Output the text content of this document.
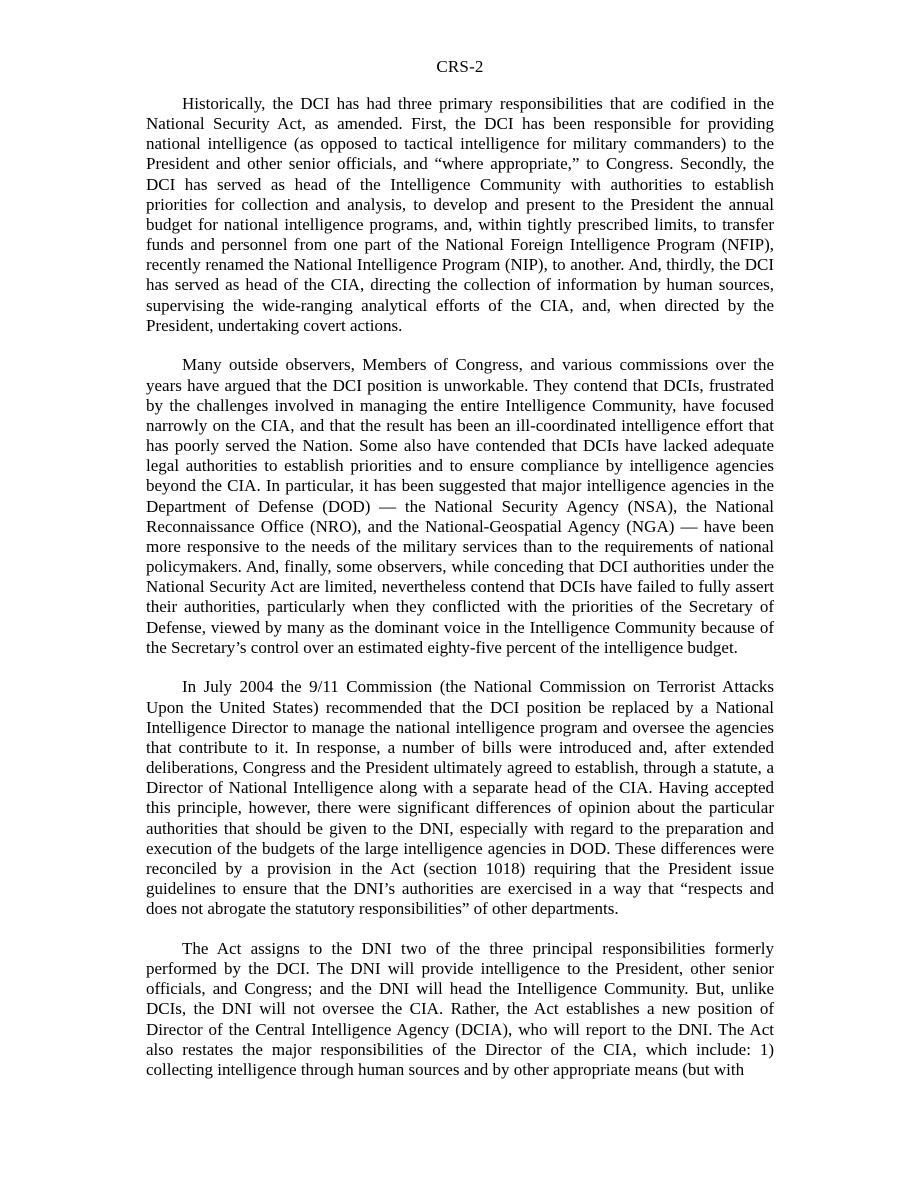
CRS-2

Historically, the DCI has had three primary responsibilities that are codified in the National Security Act, as amended. First, the DCI has been responsible for providing national intelligence (as opposed to tactical intelligence for military commanders) to the President and other senior officials, and “where appropriate,” to Congress. Secondly, the DCI has served as head of the Intelligence Community with authorities to establish priorities for collection and analysis, to develop and present to the President the annual budget for national intelligence programs, and, within tightly prescribed limits, to transfer funds and personnel from one part of the National Foreign Intelligence Program (NFIP), recently renamed the National Intelligence Program (NIP), to another. And, thirdly, the DCI has served as head of the CIA, directing the collection of information by human sources, supervising the wide-ranging analytical efforts of the CIA, and, when directed by the President, undertaking covert actions.

Many outside observers, Members of Congress, and various commissions over the years have argued that the DCI position is unworkable. They contend that DCIs, frustrated by the challenges involved in managing the entire Intelligence Community, have focused narrowly on the CIA, and that the result has been an ill-coordinated intelligence effort that has poorly served the Nation. Some also have contended that DCIs have lacked adequate legal authorities to establish priorities and to ensure compliance by intelligence agencies beyond the CIA. In particular, it has been suggested that major intelligence agencies in the Department of Defense (DOD) — the National Security Agency (NSA), the National Reconnaissance Office (NRO), and the National-Geospatial Agency (NGA) — have been more responsive to the needs of the military services than to the requirements of national policymakers. And, finally, some observers, while conceding that DCI authorities under the National Security Act are limited, nevertheless contend that DCIs have failed to fully assert their authorities, particularly when they conflicted with the priorities of the Secretary of Defense, viewed by many as the dominant voice in the Intelligence Community because of the Secretary’s control over an estimated eighty-five percent of the intelligence budget.

In July 2004 the 9/11 Commission (the National Commission on Terrorist Attacks Upon the United States) recommended that the DCI position be replaced by a National Intelligence Director to manage the national intelligence program and oversee the agencies that contribute to it. In response, a number of bills were introduced and, after extended deliberations, Congress and the President ultimately agreed to establish, through a statute, a Director of National Intelligence along with a separate head of the CIA. Having accepted this principle, however, there were significant differences of opinion about the particular authorities that should be given to the DNI, especially with regard to the preparation and execution of the budgets of the large intelligence agencies in DOD. These differences were reconciled by a provision in the Act (section 1018) requiring that the President issue guidelines to ensure that the DNI’s authorities are exercised in a way that “respects and does not abrogate the statutory responsibilities” of other departments.

The Act assigns to the DNI two of the three principal responsibilities formerly performed by the DCI. The DNI will provide intelligence to the President, other senior officials, and Congress; and the DNI will head the Intelligence Community. But, unlike DCIs, the DNI will not oversee the CIA. Rather, the Act establishes a new position of Director of the Central Intelligence Agency (DCIA), who will report to the DNI. The Act also restates the major responsibilities of the Director of the CIA, which include: 1) collecting intelligence through human sources and by other appropriate means (but with
